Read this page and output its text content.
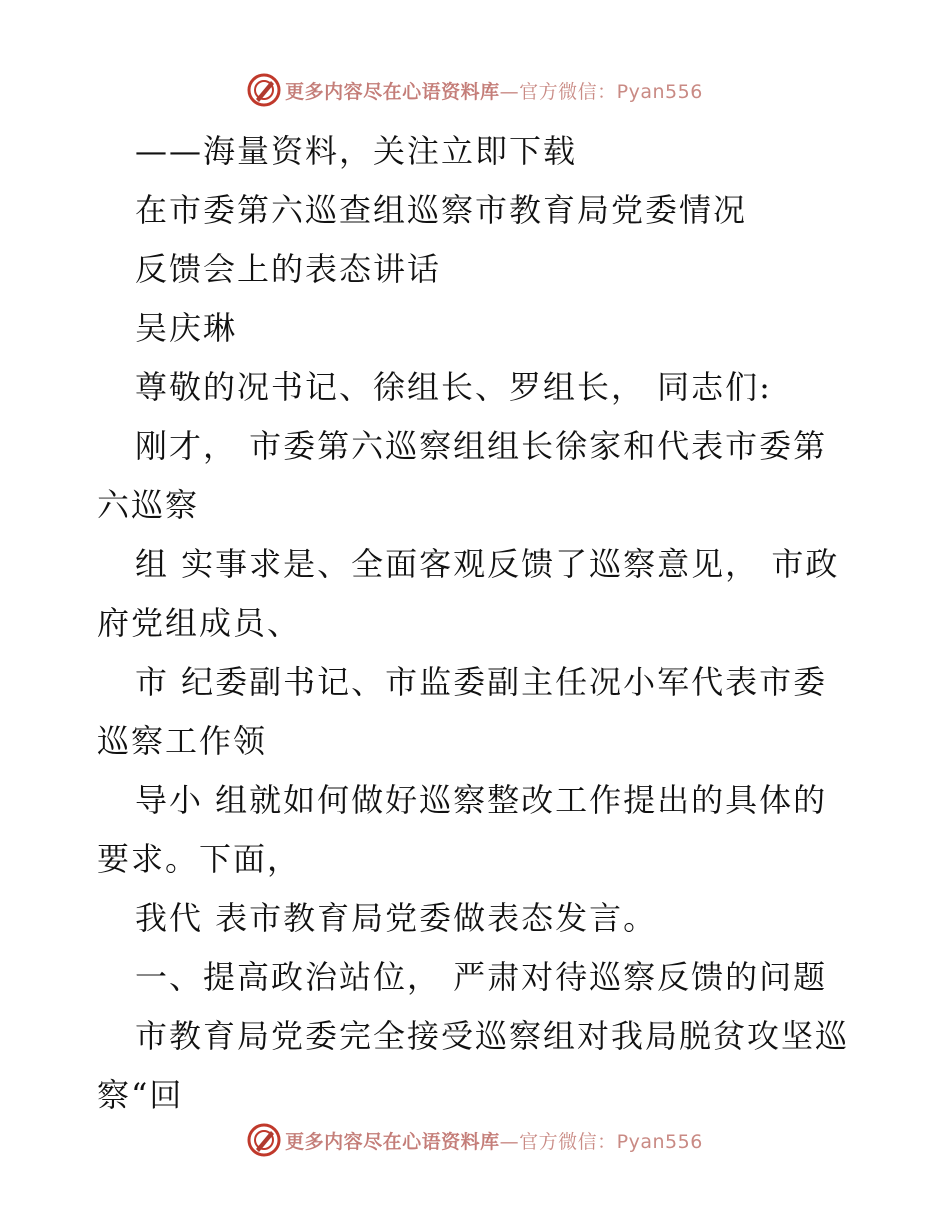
更多内容尽在心语资料库—官方微信：Pyan556

——海量资料，关注立即下载

在市委第六巡查组巡察市教育局党委情况

反馈会上的表态讲话

吴庆琳

尊敬的况书记、徐组长、罗组长， 同志们:

刚才， 市委第六巡察组组长徐家和代表市委第六巡察

组 实事求是、全面客观反馈了巡察意见， 市政府党组成员、

市 纪委副书记、市监委副主任况小军代表市委巡察工作领

导小 组就如何做好巡察整改工作提出的具体的要求。下面，

我代 表市教育局党委做表态发言。

一、提高政治站位， 严肃对待巡察反馈的问题

市教育局党委完全接受巡察组对我局脱贫攻坚巡察“回

更多内容尽在心语资料库—官方微信：Pyan556
